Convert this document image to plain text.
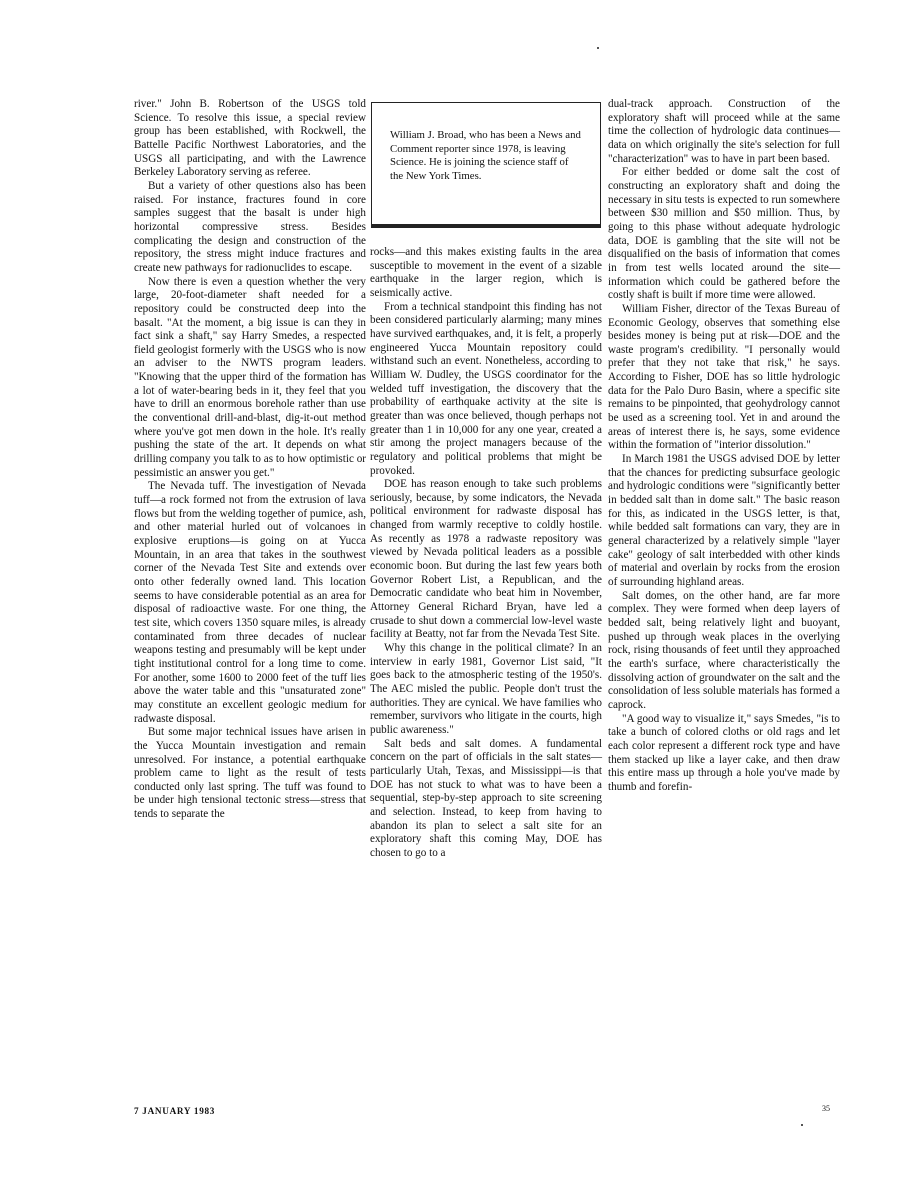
river." John B. Robertson of the USGS told Science. To resolve this issue, a special review group has been established, with Rockwell, the Battelle Pacific Northwest Laboratories, and the USGS all participating, and with the Lawrence Berkeley Laboratory serving as referee.

But a variety of other questions also has been raised. For instance, fractures found in core samples suggest that the basalt is under high horizontal compressive stress. Besides complicating the design and construction of the repository, the stress might induce fractures and create new pathways for radionuclides to escape.

Now there is even a question whether the very large, 20-foot-diameter shaft needed for a repository could be constructed deep into the basalt. "At the moment, a big issue is can they in fact sink a shaft," say Harry Smedes, a respected field geologist formerly with the USGS who is now an adviser to the NWTS program leaders. "Knowing that the upper third of the formation has a lot of water-bearing beds in it, they feel that you have to drill an enormous borehole rather than use the conventional drill-and-blast, dig-it-out method where you've got men down in the hole. It's really pushing the state of the art. It depends on what drilling company you talk to as to how optimistic or pessimistic an answer you get."

The Nevada tuff. The investigation of Nevada tuff—a rock formed not from the extrusion of lava flows but from the welding together of pumice, ash, and other material hurled out of volcanoes in explosive eruptions—is going on at Yucca Mountain, in an area that takes in the southwest corner of the Nevada Test Site and extends over onto other federally owned land. This location seems to have considerable potential as an area for disposal of radioactive waste. For one thing, the test site, which covers 1350 square miles, is already contaminated from three decades of nuclear weapons testing and presumably will be kept under tight institutional control for a long time to come. For another, some 1600 to 2000 feet of the tuff lies above the water table and this "unsaturated zone" may constitute an excellent geologic medium for radwaste disposal.

But some major technical issues have arisen in the Yucca Mountain investigation and remain unresolved. For instance, a potential earthquake problem came to light as the result of tests conducted only last spring. The tuff was found to be under high tensional tectonic stress—stress that tends to separate the

William J. Broad, who has been a News and Comment reporter since 1978, is leaving Science. He is joining the science staff of the New York Times.

rocks—and this makes existing faults in the area susceptible to movement in the event of a sizable earthquake in the larger region, which is seismically active.

From a technical standpoint this finding has not been considered particularly alarming; many mines have survived earthquakes, and, it is felt, a properly engineered Yucca Mountain repository could withstand such an event. Nonetheless, according to William W. Dudley, the USGS coordinator for the welded tuff investigation, the discovery that the probability of earthquake activity at the site is greater than was once believed, though perhaps not greater than 1 in 10,000 for any one year, created a stir among the project managers because of the regulatory and political problems that might be provoked.

DOE has reason enough to take such problems seriously, because, by some indicators, the Nevada political environment for radwaste disposal has changed from warmly receptive to coldly hostile. As recently as 1978 a radwaste repository was viewed by Nevada political leaders as a possible economic boon. But during the last few years both Governor Robert List, a Republican, and the Democratic candidate who beat him in November, Attorney General Richard Bryan, have led a crusade to shut down a commercial low-level waste facility at Beatty, not far from the Nevada Test Site.

Why this change in the political climate? In an interview in early 1981, Governor List said, "It goes back to the atmospheric testing of the 1950's. The AEC misled the public. People don't trust the authorities. They are cynical. We have families who remember, survivors who litigate in the courts, high public awareness."

Salt beds and salt domes. A fundamental concern on the part of officials in the salt states—particularly Utah, Texas, and Mississippi—is that DOE has not stuck to what was to have been a sequential, step-by-step approach to site screening and selection. Instead, to keep from having to abandon its plan to select a salt site for an exploratory shaft this coming May, DOE has chosen to go to a

dual-track approach. Construction of the exploratory shaft will proceed while at the same time the collection of hydrologic data continues—data on which originally the site's selection for full "characterization" was to have in part been based.

For either bedded or dome salt the cost of constructing an exploratory shaft and doing the necessary in situ tests is expected to run somewhere between $30 million and $50 million. Thus, by going to this phase without adequate hydrologic data, DOE is gambling that the site will not be disqualified on the basis of information that comes in from test wells located around the site—information which could be gathered before the costly shaft is built if more time were allowed.

William Fisher, director of the Texas Bureau of Economic Geology, observes that something else besides money is being put at risk—DOE and the waste program's credibility. "I personally would prefer that they not take that risk," he says. According to Fisher, DOE has so little hydrologic data for the Palo Duro Basin, where a specific site remains to be pinpointed, that geohydrology cannot be used as a screening tool. Yet in and around the areas of interest there is, he says, some evidence within the formation of "interior dissolution."

In March 1981 the USGS advised DOE by letter that the chances for predicting subsurface geologic and hydrologic conditions were "significantly better in bedded salt than in dome salt." The basic reason for this, as indicated in the USGS letter, is that, while bedded salt formations can vary, they are in general characterized by a relatively simple "layer cake" geology of salt interbedded with other kinds of material and overlain by rocks from the erosion of surrounding highland areas.

Salt domes, on the other hand, are far more complex. They were formed when deep layers of bedded salt, being relatively light and buoyant, pushed up through weak places in the overlying rock, rising thousands of feet until they approached the earth's surface, where characteristically the dissolving action of groundwater on the salt and the consolidation of less soluble materials has formed a caprock.

"A good way to visualize it," says Smedes, "is to take a bunch of colored cloths or old rags and let each color represent a different rock type and have them stacked up like a layer cake, and then draw this entire mass up through a hole you've made by thumb and forefin-

7 JANUARY 1983	35
